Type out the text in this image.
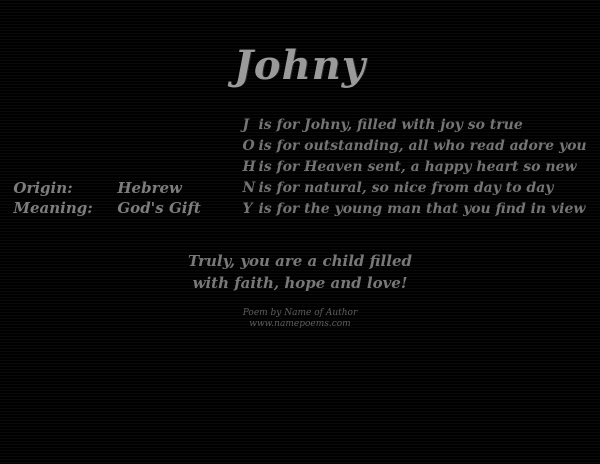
Johny
Origin:	Hebrew
Meaning:	God's Gift

J is for Johny, filled with joy so true
O is for outstanding, all who read adore you
H is for Heaven sent, a happy heart so new
N is for natural, so nice from day to day
Y is for the young man that you find in view
Truly, you are a child filled
with faith, hope and love!
Poem by Name of Author
www.namepoems.com
